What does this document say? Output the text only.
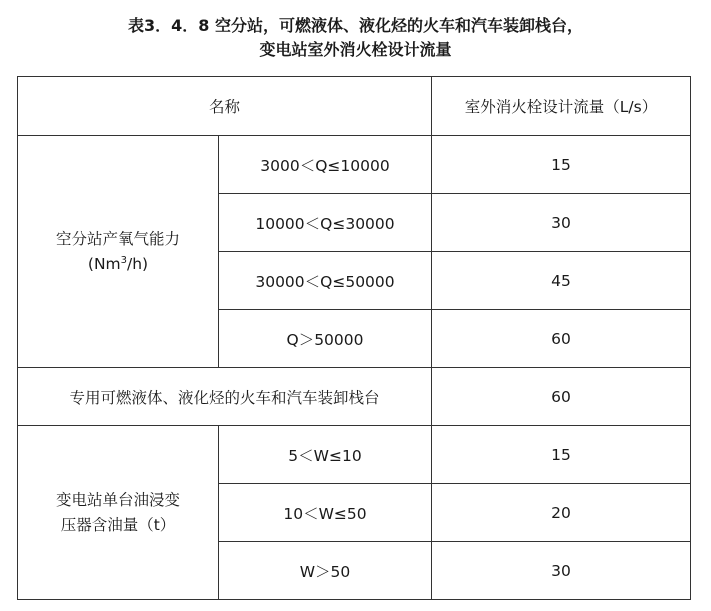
表3．4．8 空分站，可燃液体、液化烃的火车和汽车装卸栈台，
变电站室外消火栓设计流量
名称		室外消火栓设计流量（L/s）

空分站产氧气能力
(Nm$^3$/h)	3000＜Q≤10000	15
	10000＜Q≤30000	30
	30000＜Q≤50000	45
	Q＞50000	60
专用可燃液体、液化烃的火车和汽车装卸栈台		60

变电站单台油浸变
压器含油量（t）	5＜W≤10	15
	10＜W≤50	20
	W＞50	30
